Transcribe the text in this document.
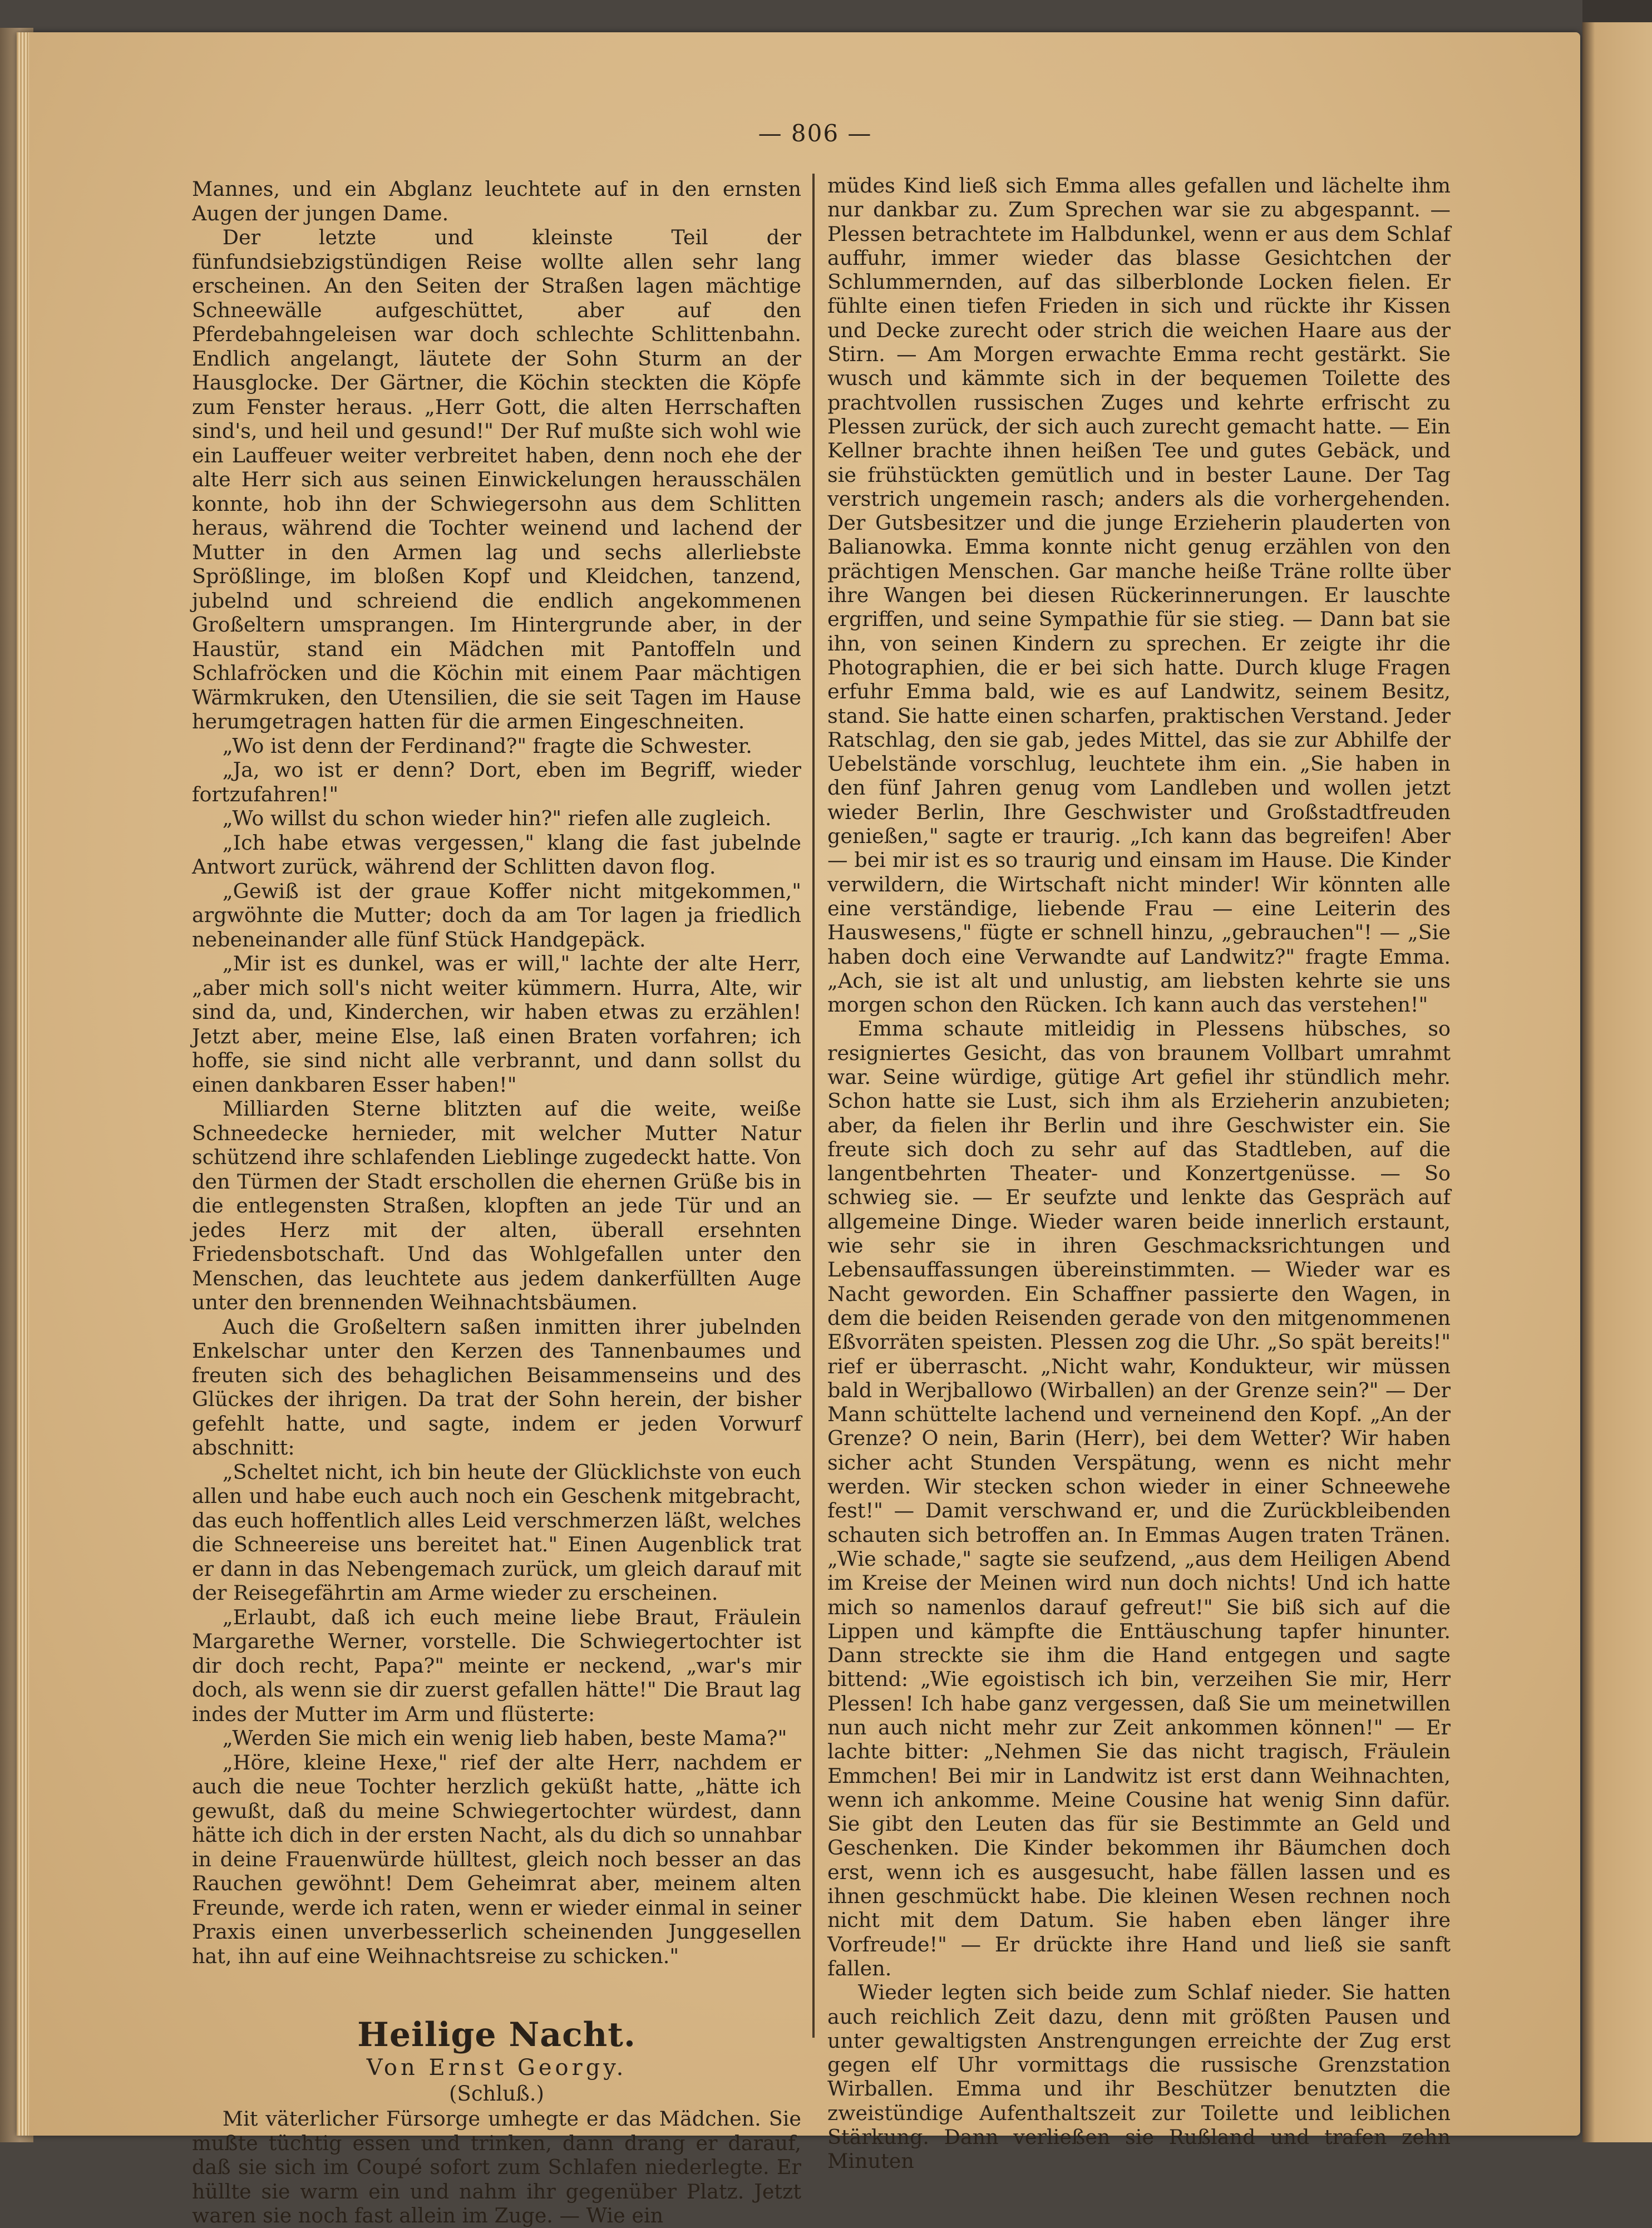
— 806 —

Mannes, und ein Abglanz leuchtete auf in den ernsten Augen der jungen Dame.

Der letzte und kleinste Teil der fünfundsiebzigstündigen Reise wollte allen sehr lang erscheinen. An den Seiten der Straßen lagen mächtige Schneewälle aufgeschüttet, aber auf den Pferdebahngeleisen war doch schlechte Schlittenbahn. Endlich angelangt, läutete der Sohn Sturm an der Hausglocke. Der Gärtner, die Köchin steckten die Köpfe zum Fenster heraus. „Herr Gott, die alten Herrschaften sind's, und heil und gesund!" Der Ruf mußte sich wohl wie ein Lauffeuer weiter verbreitet haben, denn noch ehe der alte Herr sich aus seinen Einwickelungen herausschälen konnte, hob ihn der Schwiegersohn aus dem Schlitten heraus, während die Tochter weinend und lachend der Mutter in den Armen lag und sechs allerliebste Sprößlinge, im bloßen Kopf und Kleidchen, tanzend, jubelnd und schreiend die endlich angekommenen Großeltern umsprangen. Im Hintergrunde aber, in der Haustür, stand ein Mädchen mit Pantoffeln und Schlafröcken und die Köchin mit einem Paar mächtigen Wärmkruken, den Utensilien, die sie seit Tagen im Hause herumgetragen hatten für die armen Eingeschneiten.

„Wo ist denn der Ferdinand?" fragte die Schwester.

„Ja, wo ist er denn? Dort, eben im Begriff, wieder fortzufahren!"

„Wo willst du schon wieder hin?" riefen alle zugleich.

„Ich habe etwas vergessen," klang die fast jubelnde Antwort zurück, während der Schlitten davon flog.

„Gewiß ist der graue Koffer nicht mitgekommen," argwöhnte die Mutter; doch da am Tor lagen ja friedlich nebeneinander alle fünf Stück Handgepäck.

„Mir ist es dunkel, was er will," lachte der alte Herr, „aber mich soll's nicht weiter kümmern. Hurra, Alte, wir sind da, und, Kinderchen, wir haben etwas zu erzählen! Jetzt aber, meine Else, laß einen Braten vorfahren; ich hoffe, sie sind nicht alle verbrannt, und dann sollst du einen dankbaren Esser haben!"

Milliarden Sterne blitzten auf die weite, weiße Schneedecke hernieder, mit welcher Mutter Natur schützend ihre schlafenden Lieblinge zugedeckt hatte. Von den Türmen der Stadt erschollen die ehernen Grüße bis in die entlegensten Straßen, klopften an jede Tür und an jedes Herz mit der alten, überall ersehnten Friedensbotschaft. Und das Wohlgefallen unter den Menschen, das leuchtete aus jedem dankerfüllten Auge unter den brennenden Weihnachtsbäumen.

Auch die Großeltern saßen inmitten ihrer jubelnden Enkelschar unter den Kerzen des Tannenbaumes und freuten sich des behaglichen Beisammenseins und des Glückes der ihrigen. Da trat der Sohn herein, der bisher gefehlt hatte, und sagte, indem er jeden Vorwurf abschnitt:

„Scheltet nicht, ich bin heute der Glücklichste von euch allen und habe euch auch noch ein Geschenk mitgebracht, das euch hoffentlich alles Leid verschmerzen läßt, welches die Schneereise uns bereitet hat." Einen Augenblick trat er dann in das Nebengemach zurück, um gleich darauf mit der Reisegefährtin am Arme wieder zu erscheinen.

„Erlaubt, daß ich euch meine liebe Braut, Fräulein Margarethe Werner, vorstelle. Die Schwiegertochter ist dir doch recht, Papa?" meinte er neckend, „war's mir doch, als wenn sie dir zuerst gefallen hätte!" Die Braut lag indes der Mutter im Arm und flüsterte:

„Werden Sie mich ein wenig lieb haben, beste Mama?"

„Höre, kleine Hexe," rief der alte Herr, nachdem er auch die neue Tochter herzlich geküßt hatte, „hätte ich gewußt, daß du meine Schwiegertochter würdest, dann hätte ich dich in der ersten Nacht, als du dich so unnahbar in deine Frauenwürde hülltest, gleich noch besser an das Rauchen gewöhnt! Dem Geheimrat aber, meinem alten Freunde, werde ich raten, wenn er wieder einmal in seiner Praxis einen unverbesserlich scheinenden Junggesellen hat, ihn auf eine Weihnachtsreise zu schicken."

Heilige Nacht.
Von Ernst Georgy.
(Schluß.)

Mit väterlicher Fürsorge umhegte er das Mädchen. Sie mußte tüchtig essen und trinken, dann drang er darauf, daß sie sich im Coupé sofort zum Schlafen niederlegte. Er hüllte sie warm ein und nahm ihr gegenüber Platz. Jetzt waren sie noch fast allein im Zuge. — Wie ein

müdes Kind ließ sich Emma alles gefallen und lächelte ihm nur dankbar zu. Zum Sprechen war sie zu abgespannt. — Plessen betrachtete im Halbdunkel, wenn er aus dem Schlaf auffuhr, immer wieder das blasse Gesichtchen der Schlummernden, auf das silberblonde Locken fielen. Er fühlte einen tiefen Frieden in sich und rückte ihr Kissen und Decke zurecht oder strich die weichen Haare aus der Stirn. — Am Morgen erwachte Emma recht gestärkt. Sie wusch und kämmte sich in der bequemen Toilette des prachtvollen russischen Zuges und kehrte erfrischt zu Plessen zurück, der sich auch zurecht gemacht hatte. — Ein Kellner brachte ihnen heißen Tee und gutes Gebäck, und sie frühstückten gemütlich und in bester Laune. Der Tag verstrich ungemein rasch; anders als die vorhergehenden. Der Gutsbesitzer und die junge Erzieherin plauderten von Balianowka. Emma konnte nicht genug erzählen von den prächtigen Menschen. Gar manche heiße Träne rollte über ihre Wangen bei diesen Rückerinnerungen. Er lauschte ergriffen, und seine Sympathie für sie stieg. — Dann bat sie ihn, von seinen Kindern zu sprechen. Er zeigte ihr die Photographien, die er bei sich hatte. Durch kluge Fragen erfuhr Emma bald, wie es auf Landwitz, seinem Besitz, stand. Sie hatte einen scharfen, praktischen Verstand. Jeder Ratschlag, den sie gab, jedes Mittel, das sie zur Abhilfe der Uebelstände vorschlug, leuchtete ihm ein. „Sie haben in den fünf Jahren genug vom Landleben und wollen jetzt wieder Berlin, Ihre Geschwister und Großstadtfreuden genießen," sagte er traurig. „Ich kann das begreifen! Aber — bei mir ist es so traurig und einsam im Hause. Die Kinder verwildern, die Wirtschaft nicht minder! Wir könnten alle eine verständige, liebende Frau — eine Leiterin des Hauswesens," fügte er schnell hinzu, „gebrauchen"! — „Sie haben doch eine Verwandte auf Landwitz?" fragte Emma. „Ach, sie ist alt und unlustig, am liebsten kehrte sie uns morgen schon den Rücken. Ich kann auch das verstehen!"

Emma schaute mitleidig in Plessens hübsches, so resigniertes Gesicht, das von braunem Vollbart umrahmt war. Seine würdige, gütige Art gefiel ihr stündlich mehr. Schon hatte sie Lust, sich ihm als Erzieherin anzubieten; aber, da fielen ihr Berlin und ihre Geschwister ein. Sie freute sich doch zu sehr auf das Stadtleben, auf die langentbehrten Theater- und Konzertgenüsse. — So schwieg sie. — Er seufzte und lenkte das Gespräch auf allgemeine Dinge. Wieder waren beide innerlich erstaunt, wie sehr sie in ihren Geschmacksrichtungen und Lebensauffassungen übereinstimmten. — Wieder war es Nacht geworden. Ein Schaffner passierte den Wagen, in dem die beiden Reisenden gerade von den mitgenommenen Eßvorräten speisten. Plessen zog die Uhr. „So spät bereits!" rief er überrascht. „Nicht wahr, Kondukteur, wir müssen bald in Werjballowo (Wirballen) an der Grenze sein?" — Der Mann schüttelte lachend und verneinend den Kopf. „An der Grenze? O nein, Barin (Herr), bei dem Wetter? Wir haben sicher acht Stunden Verspätung, wenn es nicht mehr werden. Wir stecken schon wieder in einer Schneewehe fest!" — Damit verschwand er, und die Zurückbleibenden schauten sich betroffen an. In Emmas Augen traten Tränen. „Wie schade," sagte sie seufzend, „aus dem Heiligen Abend im Kreise der Meinen wird nun doch nichts! Und ich hatte mich so namenlos darauf gefreut!" Sie biß sich auf die Lippen und kämpfte die Enttäuschung tapfer hinunter. Dann streckte sie ihm die Hand entgegen und sagte bittend: „Wie egoistisch ich bin, verzeihen Sie mir, Herr Plessen! Ich habe ganz vergessen, daß Sie um meinetwillen nun auch nicht mehr zur Zeit ankommen können!" — Er lachte bitter: „Nehmen Sie das nicht tragisch, Fräulein Emmchen! Bei mir in Landwitz ist erst dann Weihnachten, wenn ich ankomme. Meine Cousine hat wenig Sinn dafür. Sie gibt den Leuten das für sie Bestimmte an Geld und Geschenken. Die Kinder bekommen ihr Bäumchen doch erst, wenn ich es ausgesucht, habe fällen lassen und es ihnen geschmückt habe. Die kleinen Wesen rechnen noch nicht mit dem Datum. Sie haben eben länger ihre Vorfreude!" — Er drückte ihre Hand und ließ sie sanft fallen.

Wieder legten sich beide zum Schlaf nieder. Sie hatten auch reichlich Zeit dazu, denn mit größten Pausen und unter gewaltigsten Anstrengungen erreichte der Zug erst gegen elf Uhr vormittags die russische Grenzstation Wirballen. Emma und ihr Beschützer benutzten die zweistündige Aufenthaltszeit zur Toilette und leiblichen Stärkung. Dann verließen sie Rußland und trafen zehn Minuten
